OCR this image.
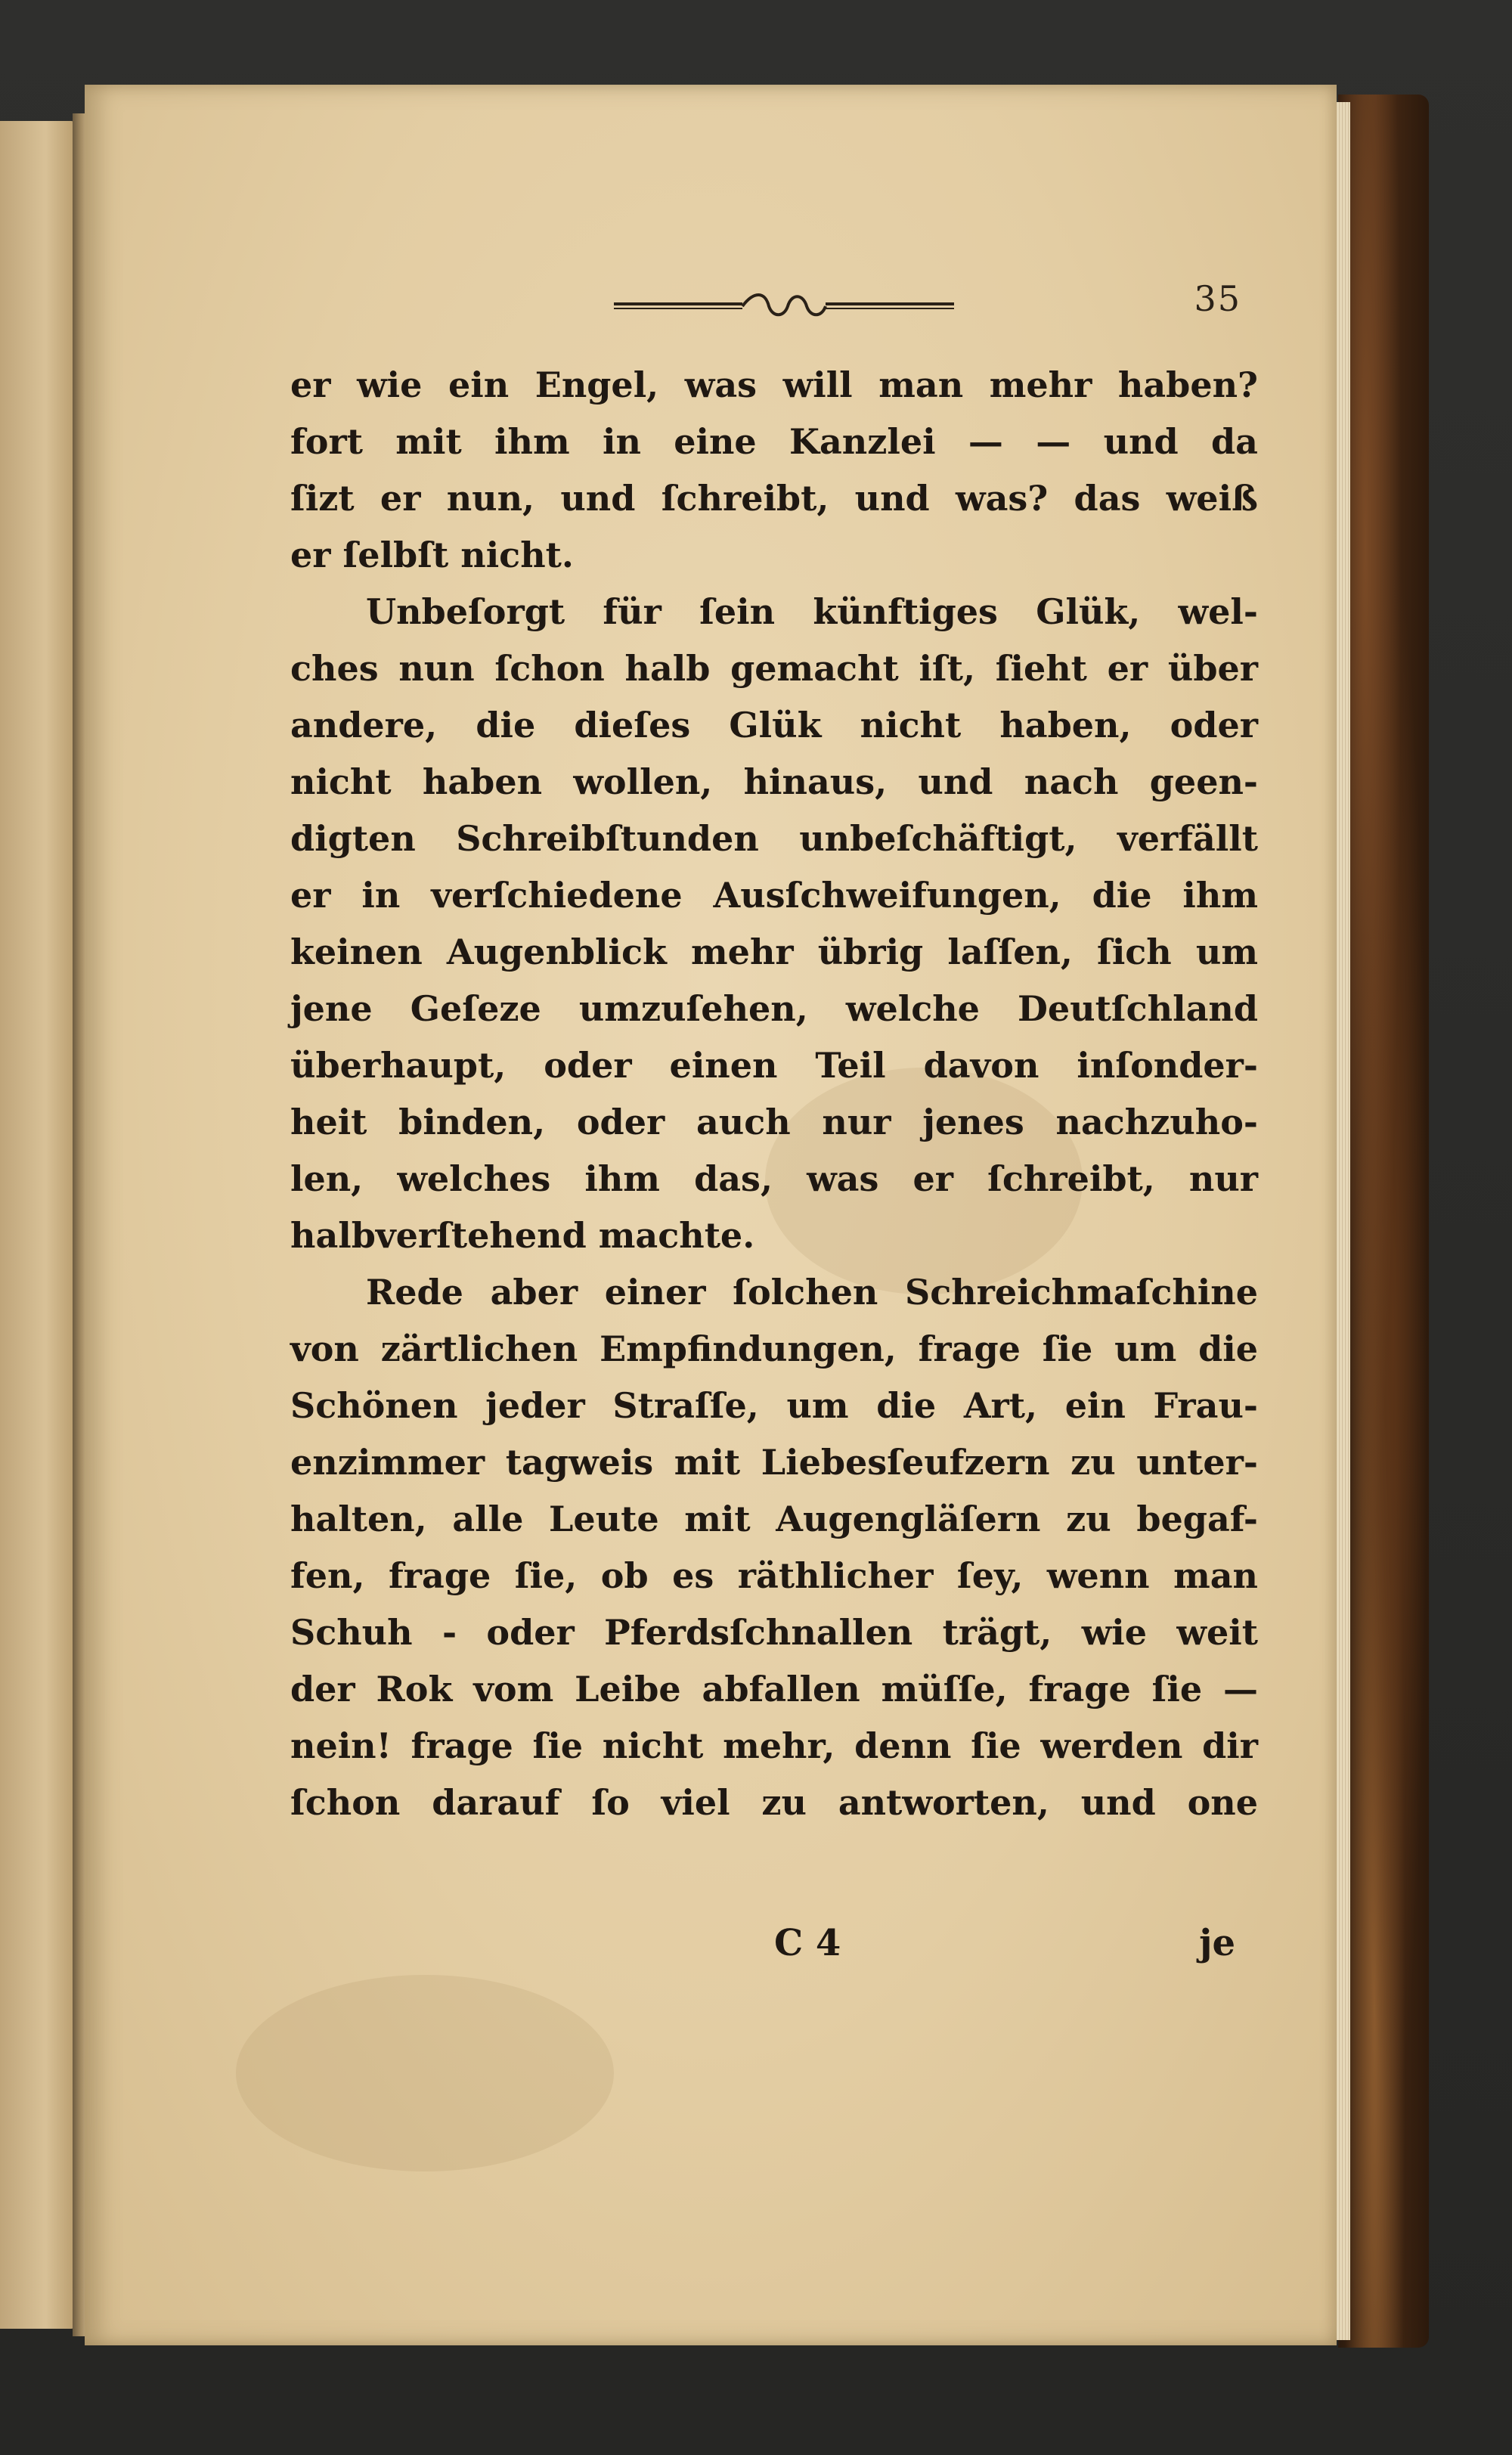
35
er wie ein Engel, was will man mehr haben?
fort mit ihm in eine Kanzlei — — und da
ſizt er nun, und ſchreibt, und was? das weiß
er ſelbſt nicht.
Unbeſorgt für ſein künftiges Glük, wel-
ches nun ſchon halb gemacht iſt, ſieht er über
andere, die dieſes Glük nicht haben, oder
nicht haben wollen, hinaus, und nach geen-
digten Schreibſtunden unbeſchäftigt, verfällt
er in verſchiedene Ausſchweifungen, die ihm
keinen Augenblick mehr übrig laſſen, ſich um
jene Geſeze umzuſehen, welche Deutſchland
überhaupt, oder einen Teil davon inſonder-
heit binden, oder auch nur jenes nachzuho-
len, welches ihm das, was er ſchreibt, nur
halbverſtehend machte.
Rede aber einer ſolchen Schreichmaſchine
von zärtlichen Empfindungen, frage ſie um die
Schönen jeder Straſſe, um die Art, ein Frau-
enzimmer tagweis mit Liebesſeufzern zu unter-
halten, alle Leute mit Augengläſern zu begaf-
fen, frage ſie, ob es räthlicher ſey, wenn man
Schuh - oder Pferdsſchnallen trägt, wie weit
der Rok vom Leibe abfallen müſſe, frage ſie —
nein! frage ſie nicht mehr, denn ſie werden dir
ſchon darauf ſo viel zu antworten, und one
C 4	je
